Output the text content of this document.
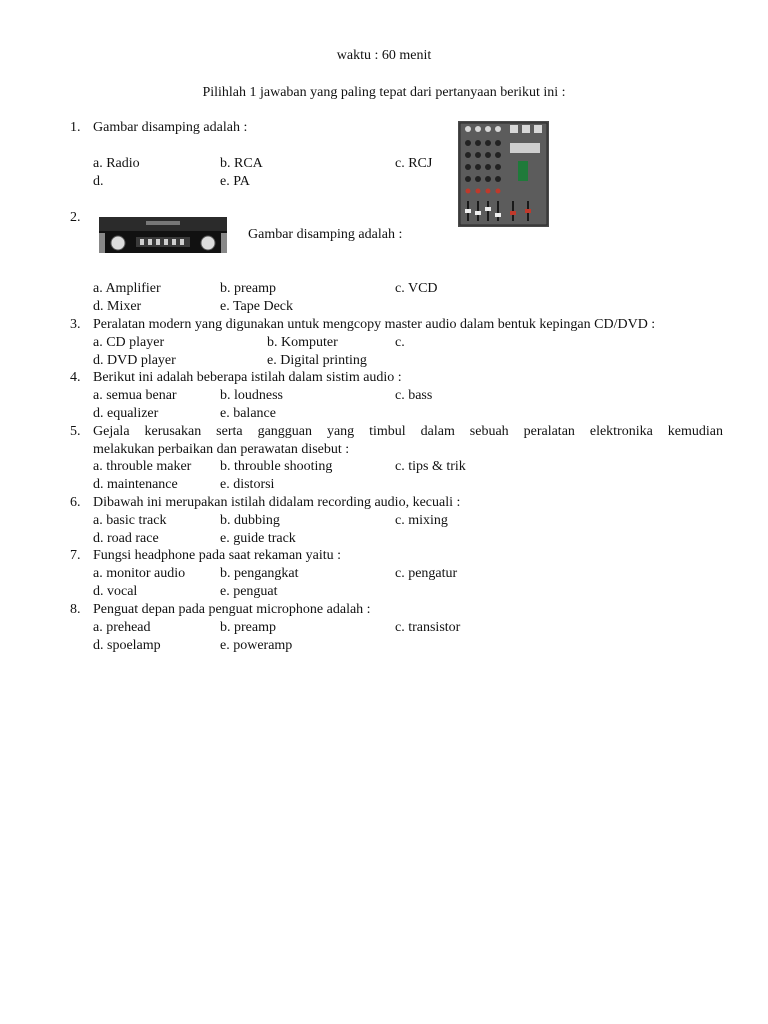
waktu : 60 menit
Pilihlah 1 jawaban yang paling tepat dari pertanyaan berikut ini :
1. Gambar disamping adalah :
a. Radio	b. RCA	c. RCJ
d.	e. PA
2.
Gambar disamping adalah :
a. Amplifier	b. preamp	c. VCD
d. Mixer	e. Tape Deck
3. Peralatan modern yang digunakan untuk mengcopy master audio dalam bentuk kepingan CD/DVD :
a. CD player	b. Komputer	c.
d. DVD player	e. Digital printing
4. Berikut ini adalah beberapa istilah dalam sistim audio :
a. semua benar	b. loudness	c. bass
d. equalizer	e. balance
5. Gejala kerusakan serta gangguan yang timbul dalam sebuah peralatan elektronika kemudian
melakukan perbaikan dan perawatan disebut :
a. throuble maker b. throuble shooting	c. tips & trik
d. maintenance	e. distorsi
6. Dibawah ini merupakan istilah didalam recording audio, kecuali :
a. basic track	b. dubbing	c. mixing
d. road race	e. guide track
7. Fungsi headphone pada saat rekaman yaitu :
a. monitor audio b. pengangkat	c. pengatur
d. vocal	e. penguat
8. Penguat depan pada penguat microphone adalah :
a. prehead	b. preamp	c. transistor
d. spoelamp	e. poweramp
